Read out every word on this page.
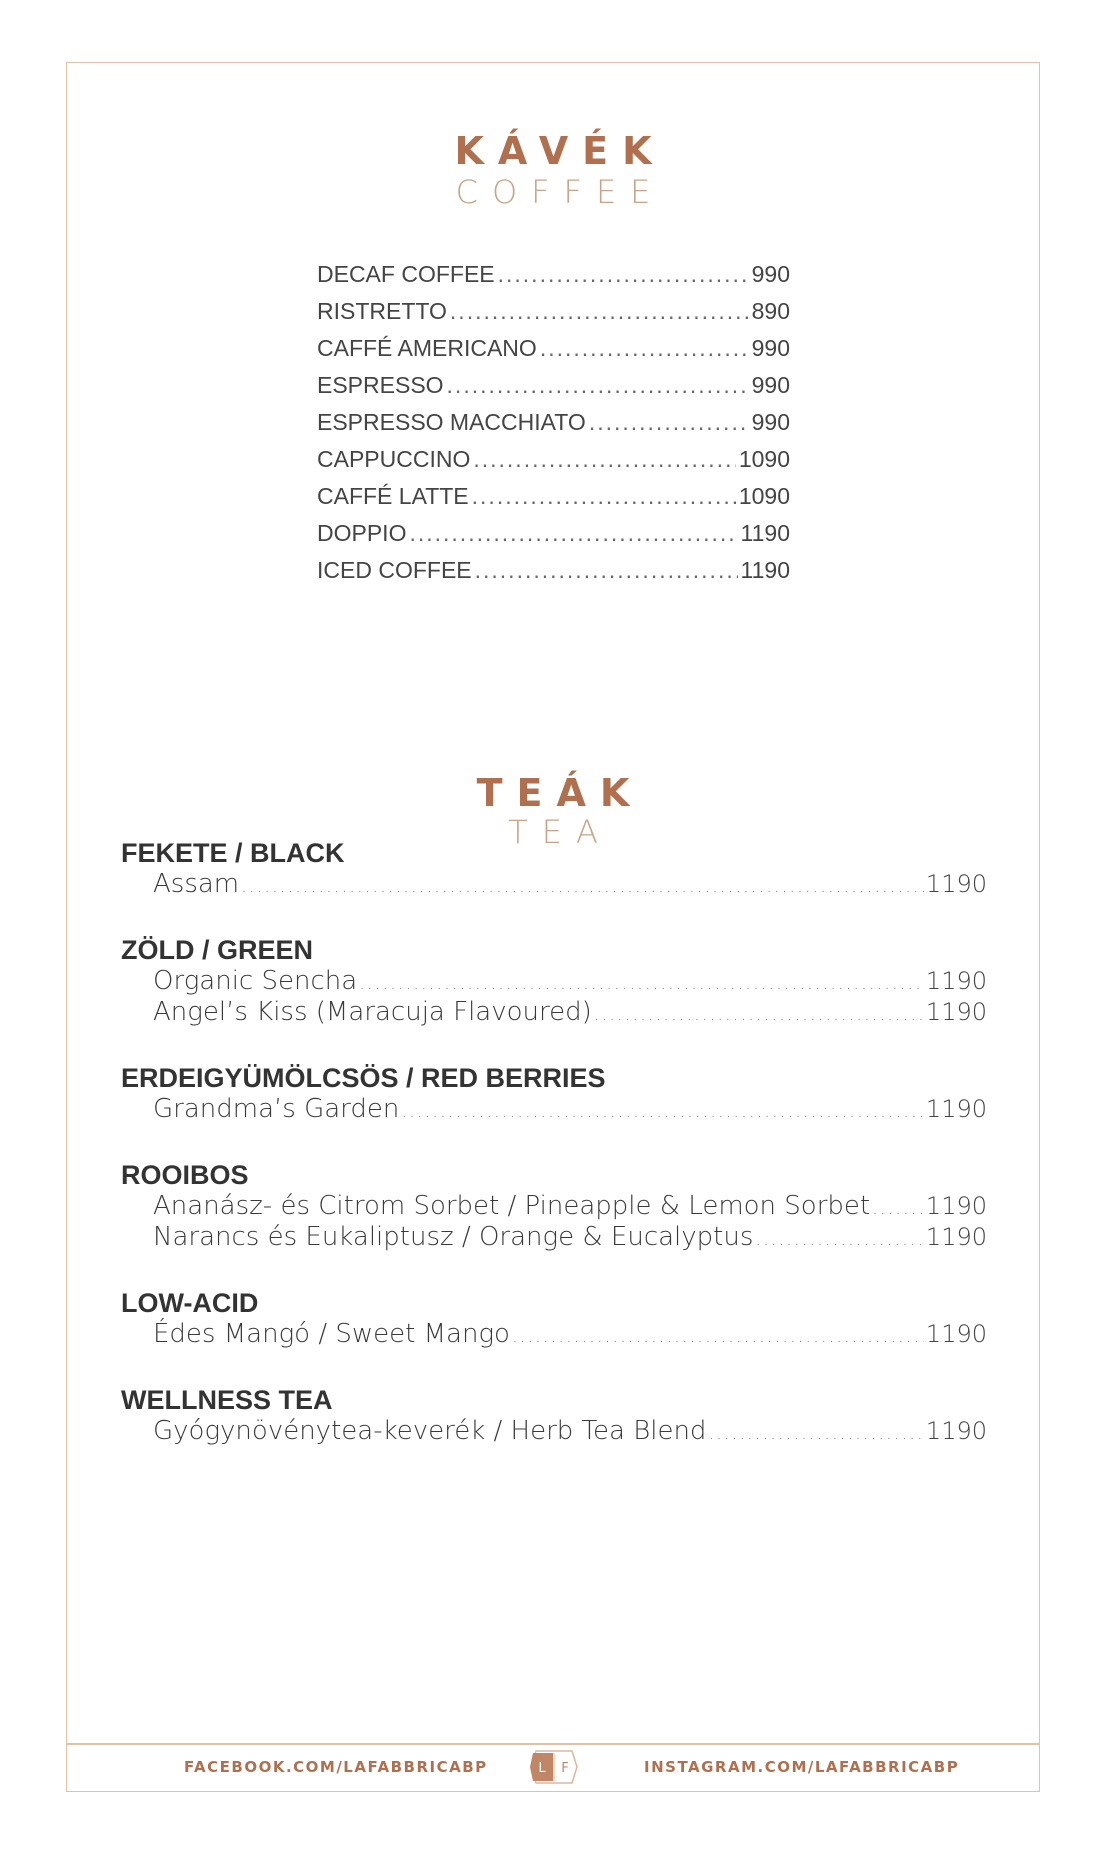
KÁVÉK
COFFEE
DECAF COFFEE .....	990
RISTRETTO .....	890
CAFFÉ AMERICANO .....	990
ESPRESSO .....	990
ESPRESSO MACCHIATO .....	990
CAPPUCCINO .....	1090
CAFFÉ LATTE .....	1090
DOPPIO .....	1190
ICED COFFEE .....	1190
TEÁK
TEA
FEKETE / BLACK
Assam .....	1190
ZÖLD / GREEN
Organic Sencha .....	1190
Angel’s Kiss (Maracuja Flavoured) .....	1190
ERDEIGYÜMÖLCSÖS / RED BERRIES
Grandma’s Garden .....	1190
ROOIBOS
Ananász- és Citrom Sorbet / Pineapple & Lemon Sorbet ..... 1190
Narancs és Eukaliptusz / Orange & Eucalyptus .....	1190
LOW-ACID
Édes Mangó / Sweet Mango .....	1190
WELLNESS TEA
Gyógynövénytea-keverék / Herb Tea Blend .....	1190
FACEBOOK.COM/LAFABBRICABP	L F	INSTAGRAM.COM/LAFABBRICABP
